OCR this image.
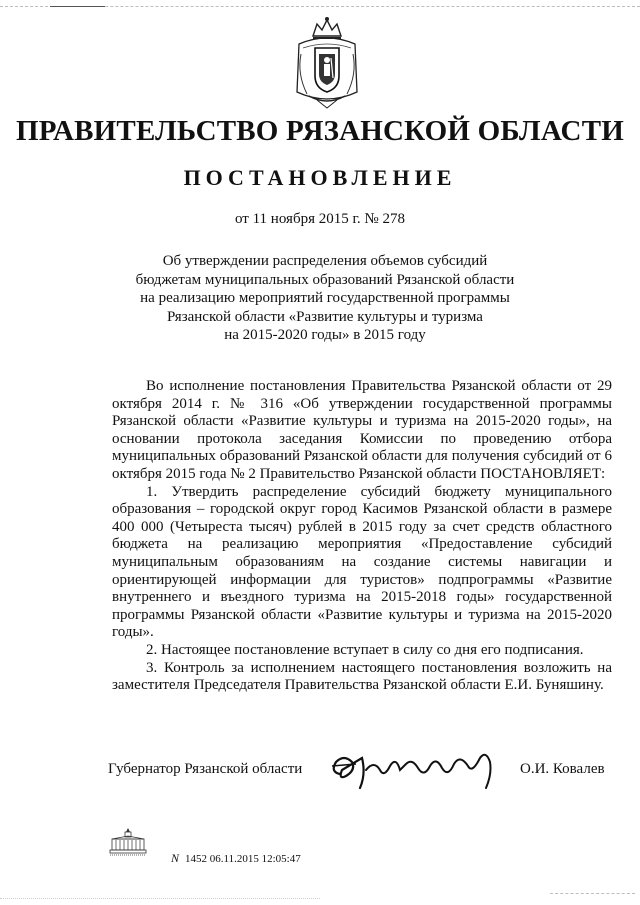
ПРАВИТЕЛЬСТВО РЯЗАНСКОЙ ОБЛАСТИ
ПОСТАНОВЛЕНИЕ
от 11 ноября 2015 г. № 278
Об утверждении распределения объемов субсидий
бюджетам муниципальных образований Рязанской области
на реализацию мероприятий государственной программы
Рязанской области «Развитие культуры и туризма
на 2015-2020 годы» в 2015 году

Во исполнение постановления Правительства Рязанской области от 29 октября 2014 г. № 316 «Об утверждении государственной программы Рязанской области «Развитие культуры и туризма на 2015-2020 годы», на основании протокола заседания Комиссии по проведению отбора муниципальных образований Рязанской области для получения субсидий от 6 октября 2015 года № 2 Правительство Рязанской области ПОСТАНОВЛЯЕТ:

1. Утвердить распределение субсидий бюджету муниципального образования – городской округ город Касимов Рязанской области в размере 400 000 (Четыреста тысяч) рублей в 2015 году за счет средств областного бюджета на реализацию мероприятия «Предоставление субсидий муниципальным образованиям на создание системы навигации и ориентирующей информации для туристов» подпрограммы «Развитие внутреннего и въездного туризма на 2015-2018 годы» государственной программы Рязанской области «Развитие культуры и туризма на 2015-2020 годы».

2. Настоящее постановление вступает в силу со дня его подписания.

3. Контроль за исполнением настоящего постановления возложить на заместителя Председателя Правительства Рязанской области Е.И. Буняшину.

Губернатор Рязанской области	О.И. Ковалев
N 1452 06.11.2015 12:05:47
